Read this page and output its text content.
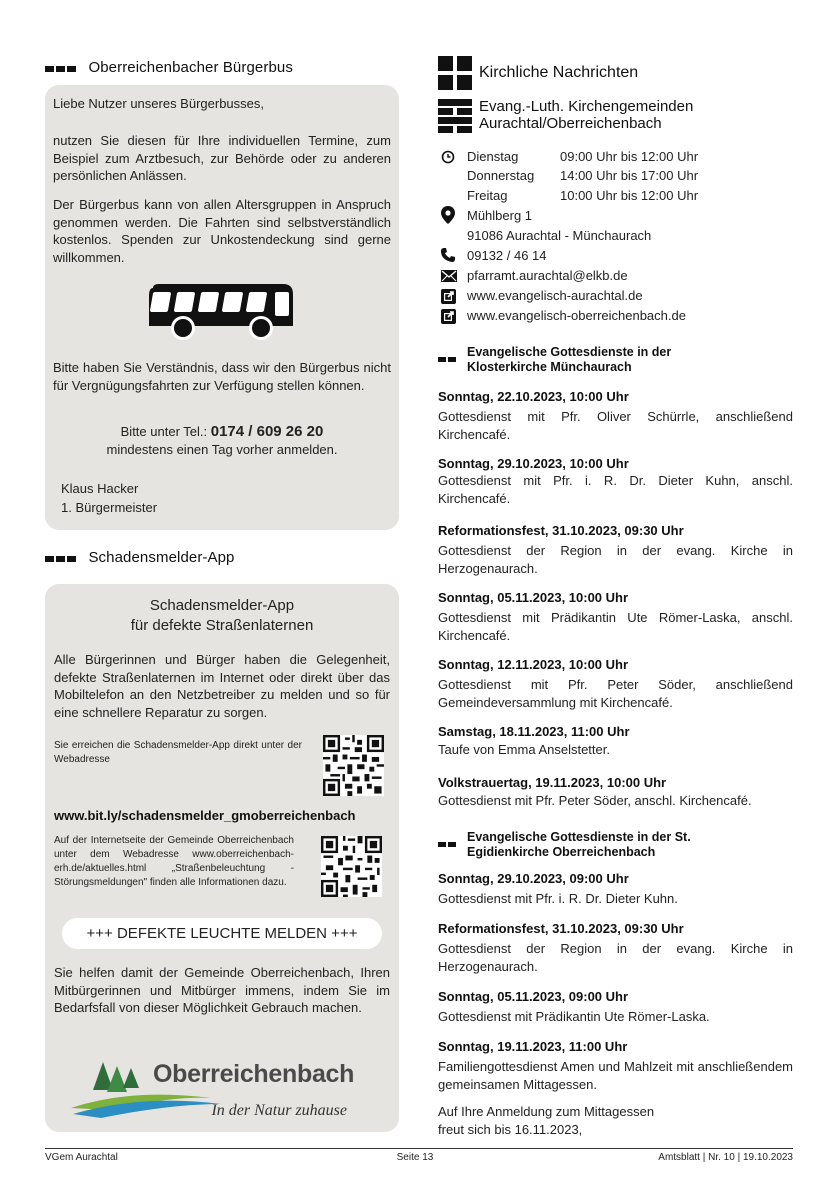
Oberreichenbacher Bürgerbus
Liebe Nutzer unseres Bürgerbusses,
nutzen Sie diesen für Ihre individuellen Termine, zum Beispiel zum Arztbesuch, zur Behörde oder zu anderen persönlichen Anlässen.
Der Bürgerbus kann von allen Altersgruppen in Anspruch genommen werden. Die Fahrten sind selbstverständlich kostenlos. Spenden zur Unkostendeckung sind gerne willkommen.
Bitte haben Sie Verständnis, dass wir den Bürgerbus nicht für Vergnügungsfahrten zur Verfügung stellen können.
Bitte unter Tel.: 0174 / 609 26 20
mindestens einen Tag vorher anmelden.
Klaus Hacker
1. Bürgermeister
Schadensmelder-App
Schadensmelder-App
für defekte Straßenlaternen
Alle Bürgerinnen und Bürger haben die Gelegenheit, defekte Straßenlaternen im Internet oder direkt über das Mobiltelefon an den Netzbetreiber zu melden und so für eine schnellere Reparatur zu sorgen.
Sie erreichen die Schadensmelder-App direkt unter der Webadresse
www.bit.ly/schadensmelder_gmoberreichenbach
Auf der Internetseite der Gemeinde Oberreichenbach unter dem Webadresse www.oberreichenbach-erh.de/aktuelles.html „Straßenbeleuchtung - Störungsmeldungen" finden alle Informationen dazu.
+++ DEFEKTE LEUCHTE MELDEN +++
Sie helfen damit der Gemeinde Oberreichenbach, Ihren Mitbürgerinnen und Mitbürger immens, indem Sie im Bedarfsfall von dieser Möglichkeit Gebrauch machen.
In der Natur zuhause
Oberreichenbach
Kirchliche Nachrichten
Evang.-Luth. Kirchengemeinden
Aurachtal/Oberreichenbach
Dienstag	09:00 Uhr bis 12:00 Uhr
Donnerstag 14:00 Uhr bis 17:00 Uhr
Freitag	10:00 Uhr bis 12:00 Uhr
Mühlberg 1
91086 Aurachtal - Münchaurach
09132 / 46 14
pfarramt.aurachtal@elkb.de
www.evangelisch-aurachtal.de
www.evangelisch-oberreichenbach.de
Evangelische Gottesdienste in der
Klosterkirche Münchaurach
Sonntag, 22.10.2023, 10:00 Uhr
Gottesdienst mit Pfr. Oliver Schürrle, anschließend Kirchencafé.
Sonntag, 29.10.2023, 10:00 Uhr
Gottesdienst mit Pfr. i. R. Dr. Dieter Kuhn, anschl. Kirchencafé.
Reformationsfest, 31.10.2023, 09:30 Uhr
Gottesdienst der Region in der evang. Kirche in Herzogenaurach.
Sonntag, 05.11.2023, 10:00 Uhr
Gottesdienst mit Prädikantin Ute Römer-Laska, anschl. Kirchencafé.
Sonntag, 12.11.2023, 10:00 Uhr
Gottesdienst mit Pfr. Peter Söder, anschließend Gemeindeversammlung mit Kirchencafé.
Samstag, 18.11.2023, 11:00 Uhr
Taufe von Emma Anselstetter.
Volkstrauertag, 19.11.2023, 10:00 Uhr
Gottesdienst mit Pfr. Peter Söder, anschl. Kirchencafé.
Evangelische Gottesdienste in der St.
Egidienkirche Oberreichenbach
Sonntag, 29.10.2023, 09:00 Uhr
Gottesdienst mit Pfr. i. R. Dr. Dieter Kuhn.
Reformationsfest, 31.10.2023, 09:30 Uhr
Gottesdienst der Region in der evang. Kirche in Herzogenaurach.
Sonntag, 05.11.2023, 09:00 Uhr
Gottesdienst mit Prädikantin Ute Römer-Laska.
Sonntag, 19.11.2023, 11:00 Uhr
Familiengottesdienst Amen und Mahlzeit mit anschließendem gemeinsamen Mittagessen.
Auf Ihre Anmeldung zum Mittagessen
freut sich bis 16.11.2023,
VGem Aurachtal	Seite 13	Amtsblatt | Nr. 10 | 19.10.2023
